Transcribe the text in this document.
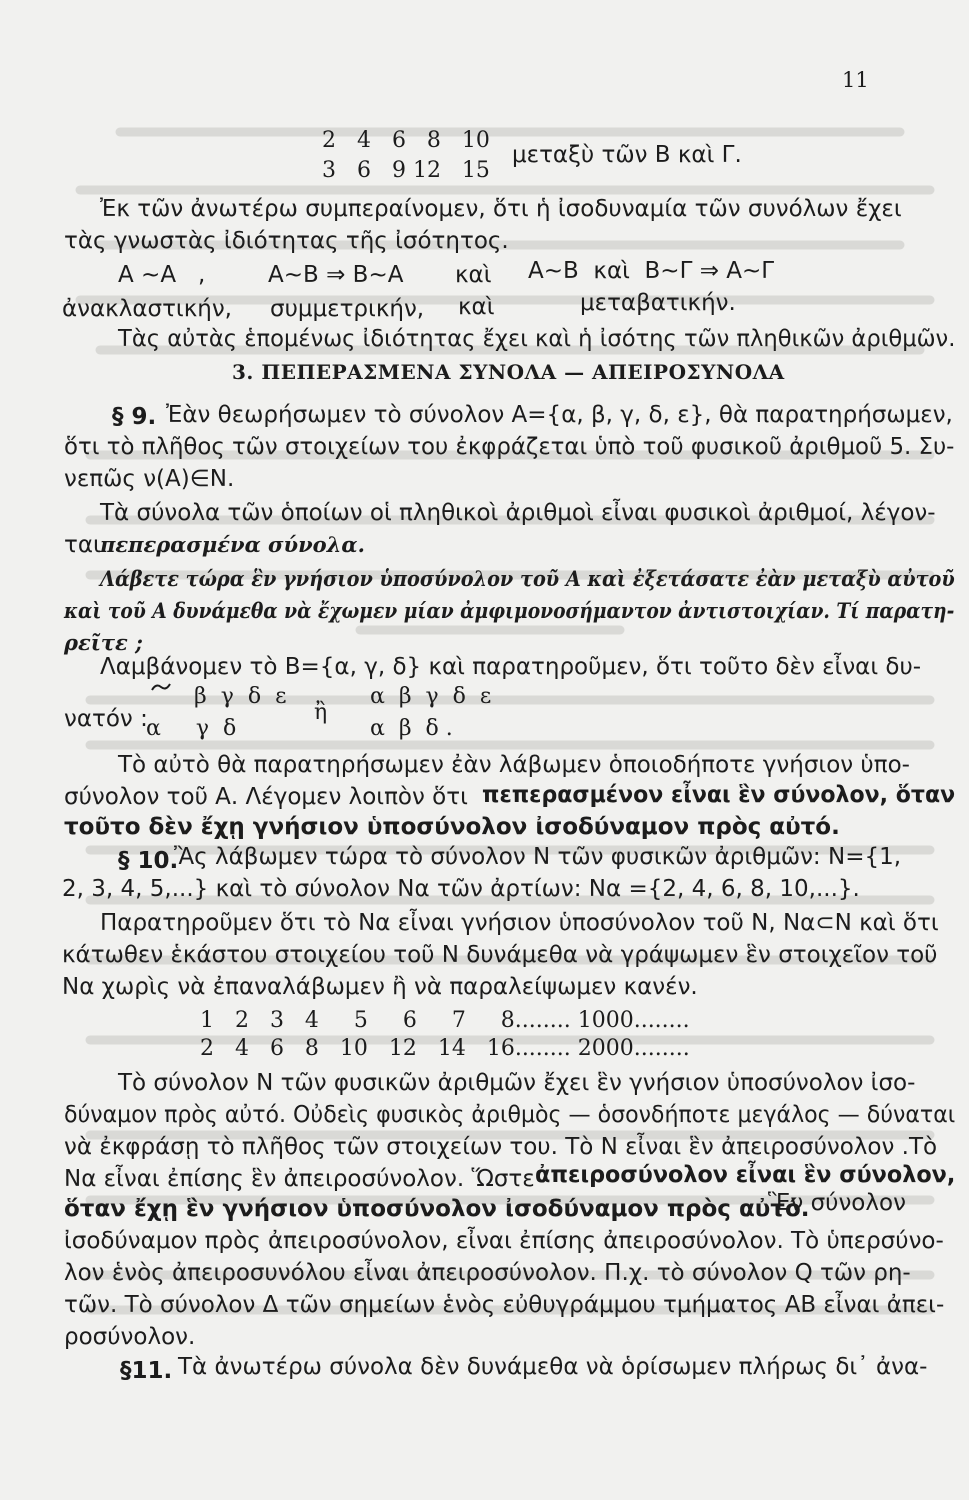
11
2   4   6   8   10
3   6   9 12   15
μεταξὺ τῶν Β καὶ Γ.
Ἐκ τῶν ἀνωτέρω συμπεραίνομεν, ὅτι ἡ ἰσοδυναμία τῶν συνόλων ἔχει
τὰς γνωστὰς ἰδιότητας τῆς ἰσότητος.
Α ∼Α   ,	Α∼Β ⇒ Β∼Α καὶ Α∼Β  καὶ  Β∼Γ ⇒ Α∼Γ
ἀνακλαστικήν, συμμετρικήν, καὶ	μεταβατικήν.
Τὰς αὐτὰς ἑπομένως ἰδιότητας ἔχει καὶ ἡ ἰσότης τῶν πληθικῶν ἀριθμῶν.
3. ΠΕΠΕΡΑΣΜΕΝΑ ΣΥΝΟΛΑ — ΑΠΕΙΡΟΣΥΝΟΛΑ
§ 9. Ἐὰν θεωρήσωμεν τὸ σύνολον Α={α, β, γ, δ, ε}, θὰ παρατηρήσωμεν,
ὅτι τὸ πλῆθος τῶν στοιχείων του ἐκφράζεται ὑπὸ τοῦ φυσικοῦ ἀριθμοῦ 5. Συ-
νεπῶς ν(Α)∈Ν.
Τὰ σύνολα τῶν ὁποίων οἱ πληθικοὶ ἀριθμοὶ εἶναι φυσικοὶ ἀριθμοί, λέγον-
ται πεπερασμένα σύνολα.
Λάβετε τώρα ἓν γνήσιον ὑποσύνολον τοῦ Α καὶ ἐξετάσατε ἐὰν μεταξὺ αὐτοῦ
καὶ τοῦ Α δυνάμεθα νὰ ἔχωμεν μίαν ἀμφιμονοσήμαντον ἀντιστοιχίαν. Τί παρατη-
ρεῖτε ;
Λαμβάνομεν τὸ Β={α, γ, δ} καὶ παρατηροῦμεν, ὅτι τοῦτο δὲν εἶναι δυ-
νατόν :
β  γ  δ  ε
α     γ  δ
ἢ
α  β  γ  δ  ε
α  β  δ .
Τὸ αὐτὸ θὰ παρατηρήσωμεν ἐὰν λάβωμεν ὁποιοδήποτε γνήσιον ὑπο-
σύνολον τοῦ Α. Λέγομεν λοιπὸν ὅτι πεπερασμένον εἶναι ἓν σύνολον, ὅταν
τοῦτο δὲν ἔχῃ γνήσιον ὑποσύνολον ἰσοδύναμον πρὸς αὐτό.
§ 10.
Ἂς λάβωμεν τώρα τὸ σύνολον Ν τῶν φυσικῶν ἀριθμῶν: Ν={1,
2, 3, 4, 5,...} καὶ τὸ σύνολον Να τῶν ἀρτίων: Να ={2, 4, 6, 8, 10,...}.
Παρατηροῦμεν ὅτι τὸ Να εἶναι γνήσιον ὑποσύνολον τοῦ Ν, Να⊂Ν καὶ ὅτι
κάτωθεν ἑκάστου στοιχείου τοῦ Ν δυνάμεθα νὰ γράψωμεν ἓν στοιχεῖον τοῦ
Να χωρὶς νὰ ἐπαναλάβωμεν ἢ νὰ παραλείψωμεν κανέν.
1   2   3   4     5     6     7     8........ 1000........
2   4   6   8   10   12   14   16........ 2000........
Τὸ σύνολον Ν τῶν φυσικῶν ἀριθμῶν ἔχει ἓν γνήσιον ὑποσύνολον ἰσο-
δύναμον πρὸς αὐτό. Οὐδεὶς φυσικὸς ἀριθμὸς — ὁσονδήποτε μεγάλος — δύναται
νὰ ἐκφράσῃ τὸ πλῆθος τῶν στοιχείων του. Τὸ Ν εἶναι ἓν ἀπειροσύνολον .Τὸ
Να εἶναι ἐπίσης ἓν ἀπειροσύνολον. Ὥστε ἀπειροσύνολον εἶναι ἓν σύνολον,
ὅταν ἔχῃ ἓν γνήσιον ὑποσύνολον ἰσοδύναμον πρὸς αὐτό.
Ἓν σύνολον
ἰσοδύναμον πρὸς ἀπειροσύνολον, εἶναι ἐπίσης ἀπειροσύνολον. Τὸ ὑπερσύνο-
λον ἑνὸς ἀπειροσυνόλου εἶναι ἀπειροσύνολον. Π.χ. τὸ σύνολον Q τῶν ρη-
τῶν. Τὸ σύνολον Δ τῶν σημείων ἑνὸς εὐθυγράμμου τμήματος ΑΒ εἶναι ἀπει-
ροσύνολον.
§11. Τὰ ἀνωτέρω σύνολα δὲν δυνάμεθα νὰ ὁρίσωμεν πλήρως δι᾽ ἀνα-
